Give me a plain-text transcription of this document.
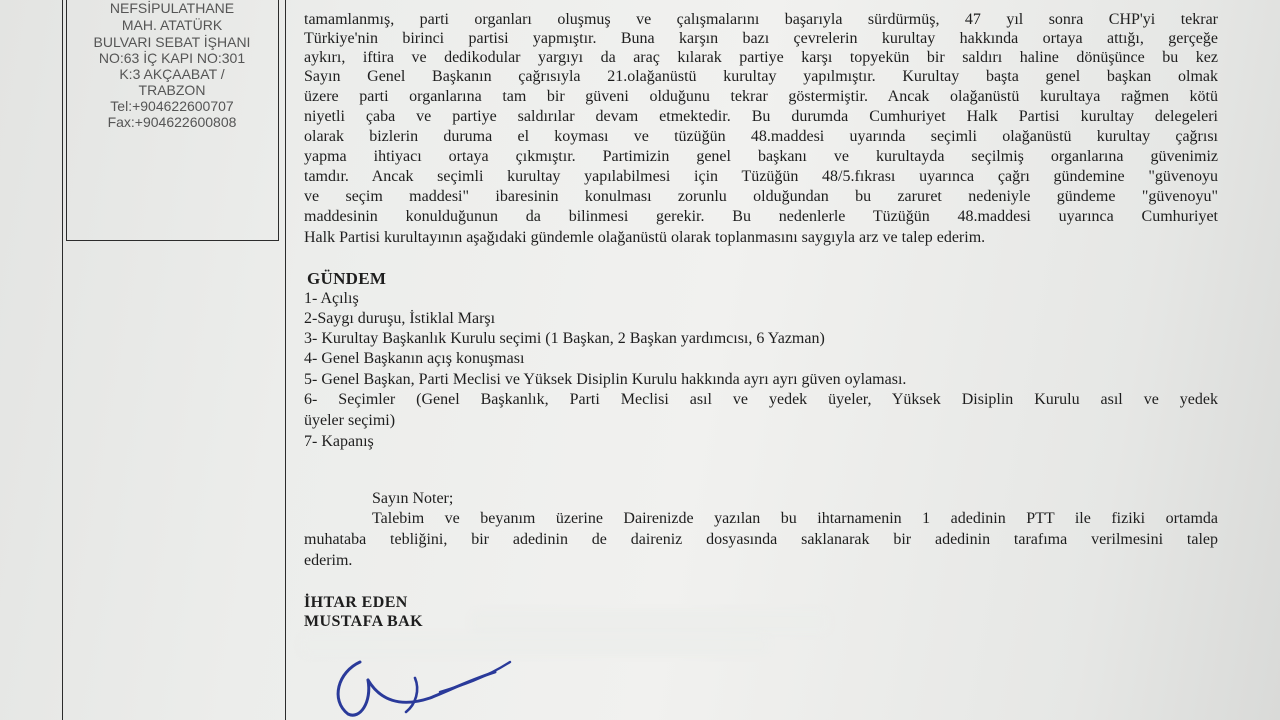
NEFSİPULATHANE
MAH. ATATÜRK
BULVARI SEBAT İŞHANI
NO:63 İÇ KAPI NO:301
K:3 AKÇAABAT /
TRABZON
Tel:+904622600707
Fax:+904622600808
tamamlanmış, parti organları oluşmuş ve çalışmalarını başarıyla sürdürmüş, 47 yıl sonra CHP'yi tekrar
Türkiye'nin birinci partisi yapmıştır. Buna karşın bazı çevrelerin kurultay hakkında ortaya attığı, gerçeğe
aykırı, iftira ve dedikodular yargıyı da araç kılarak partiye karşı topyekün bir saldırı haline dönüşünce bu kez
Sayın Genel Başkanın çağrısıyla 21.olağanüstü kurultay yapılmıştır. Kurultay başta genel başkan olmak
üzere parti organlarına tam bir güveni olduğunu tekrar göstermiştir. Ancak olağanüstü kurultaya rağmen kötü
niyetli çaba ve partiye saldırılar devam etmektedir. Bu durumda Cumhuriyet Halk Partisi kurultay delegeleri
olarak bizlerin duruma el koyması ve tüzüğün 48.maddesi uyarında seçimli olağanüstü kurultay çağrısı
yapma ihtiyacı ortaya çıkmıştır. Partimizin genel başkanı ve kurultayda seçilmiş organlarına güvenimiz
tamdır. Ancak seçimli kurultay yapılabilmesi için Tüzüğün 48/5.fıkrası uyarınca çağrı gündemine "güvenoyu
ve seçim maddesi" ibaresinin konulması zorunlu olduğundan bu zaruret nedeniyle gündeme "güvenoyu"
maddesinin konulduğunun da bilinmesi gerekir. Bu nedenlerle Tüzüğün 48.maddesi uyarınca Cumhuriyet
Halk Partisi kurultayının aşağıdaki gündemle olağanüstü olarak toplanmasını saygıyla arz ve talep ederim.
GÜNDEM
1- Açılış
2-Saygı duruşu, İstiklal Marşı
3- Kurultay Başkanlık Kurulu seçimi (1 Başkan, 2 Başkan yardımcısı, 6 Yazman)
4- Genel Başkanın açış konuşması
5- Genel Başkan, Parti Meclisi ve Yüksek Disiplin Kurulu hakkında ayrı ayrı güven oylaması.
6- Seçimler (Genel Başkanlık, Parti Meclisi asıl ve yedek üyeler, Yüksek Disiplin Kurulu asıl ve yedek
üyeler seçimi)
7- Kapanış
Sayın Noter;
Talebim ve beyanım üzerine Dairenizde yazılan bu ihtarnamenin 1 adedinin PTT ile fiziki ortamda
muhataba tebliğini, bir adedinin de daireniz dosyasında saklanarak bir adedinin tarafıma verilmesini talep
ederim.
İHTAR EDEN
MUSTAFA BAK
